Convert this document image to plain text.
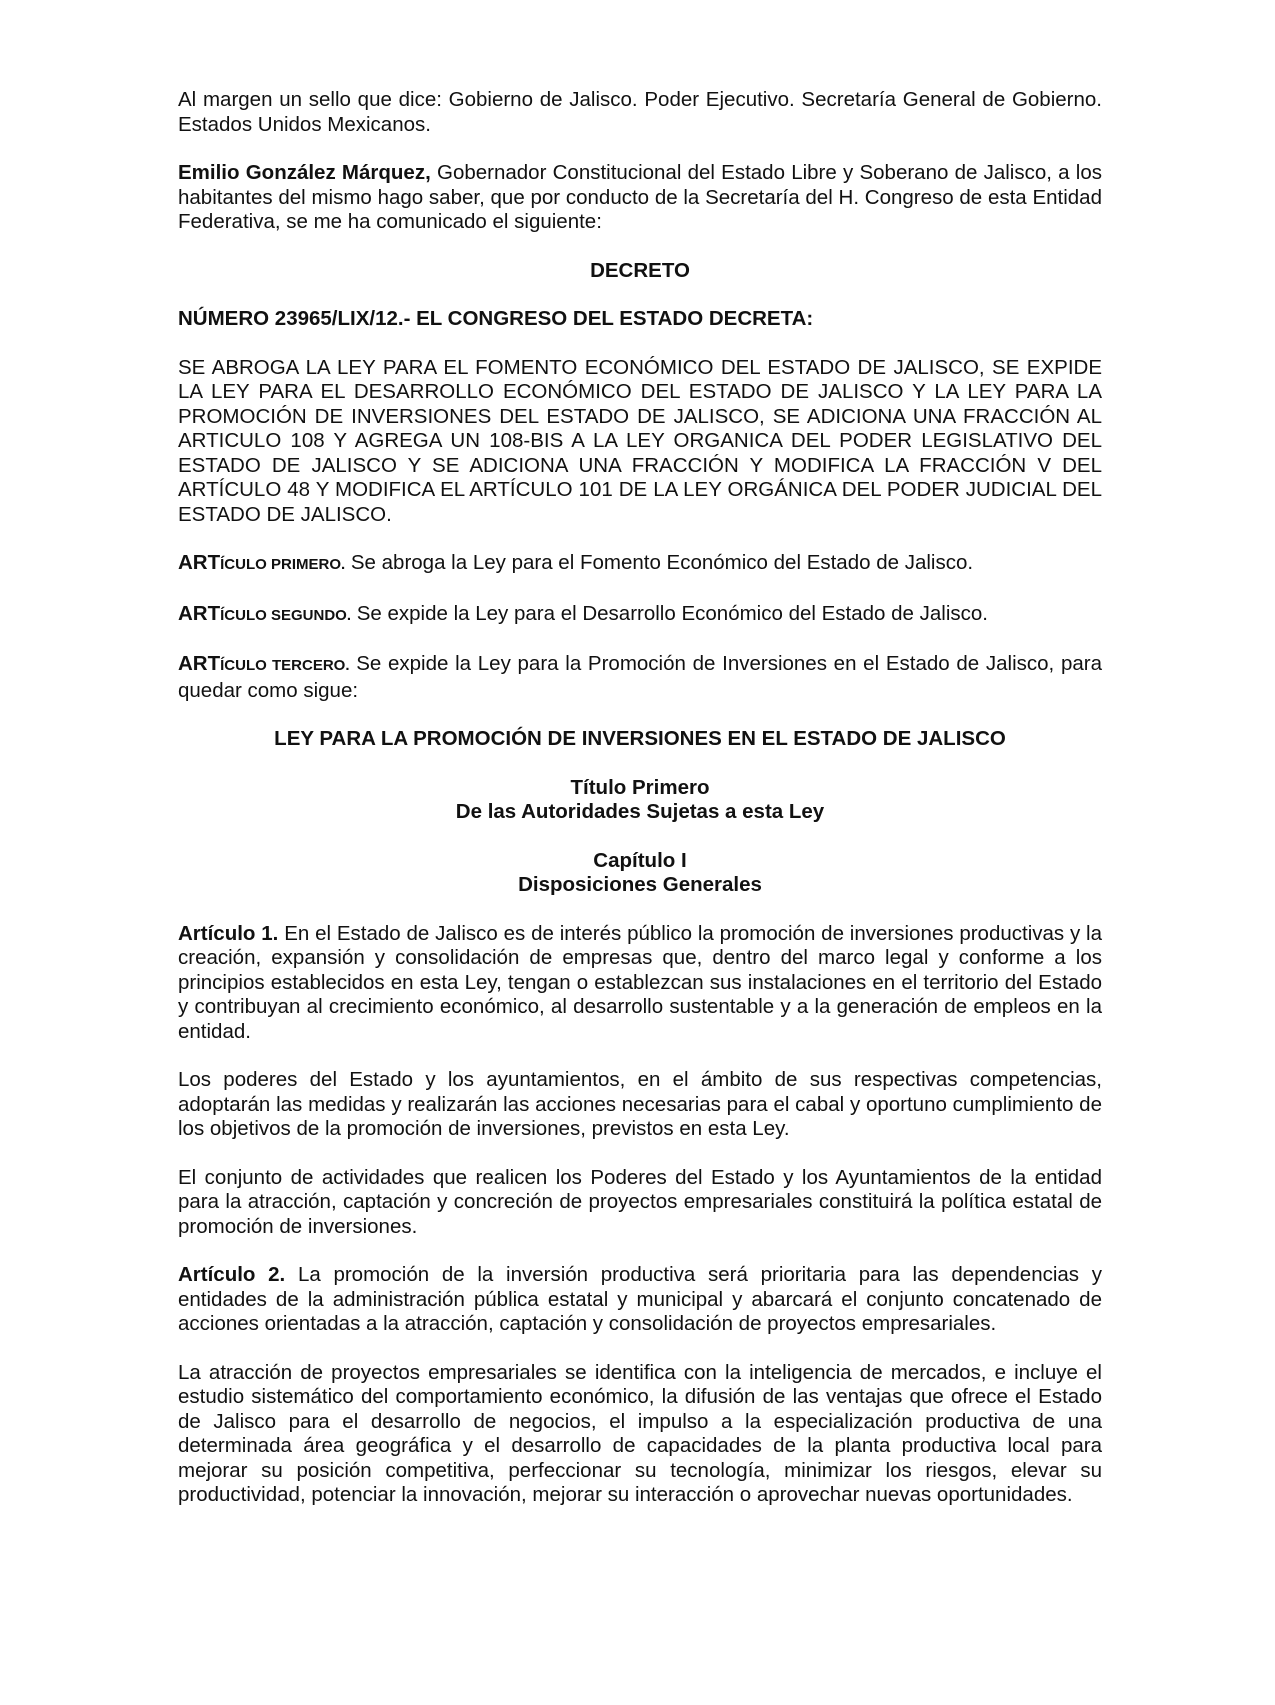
Al margen un sello que dice: Gobierno de Jalisco. Poder Ejecutivo. Secretaría General de Gobierno. Estados Unidos Mexicanos.

Emilio González Márquez, Gobernador Constitucional del Estado Libre y Soberano de Jalisco, a los habitantes del mismo hago saber, que por conducto de la Secretaría del H. Congreso de esta Entidad Federativa, se me ha comunicado el siguiente:

DECRETO

NÚMERO 23965/LIX/12.- EL CONGRESO DEL ESTADO DECRETA:

SE ABROGA LA LEY PARA EL FOMENTO ECONÓMICO DEL ESTADO DE JALISCO, SE EXPIDE LA LEY PARA EL DESARROLLO ECONÓMICO DEL ESTADO DE JALISCO Y LA LEY PARA LA PROMOCIÓN DE INVERSIONES DEL ESTADO DE JALISCO, SE ADICIONA UNA FRACCIÓN AL ARTICULO 108 Y AGREGA UN 108-BIS A LA LEY ORGANICA DEL PODER LEGISLATIVO DEL ESTADO DE JALISCO Y SE ADICIONA UNA FRACCIÓN Y MODIFICA LA FRACCIÓN V DEL ARTÍCULO 48 Y MODIFICA EL ARTÍCULO 101 DE LA LEY ORGÁNICA DEL PODER JUDICIAL DEL ESTADO DE JALISCO.

ARTÍCULO PRIMERO. Se abroga la Ley para el Fomento Económico del Estado de Jalisco.

ARTÍCULO SEGUNDO. Se expide la Ley para el Desarrollo Económico del Estado de Jalisco.

ARTÍCULO TERCERO. Se expide la Ley para la Promoción de Inversiones en el Estado de Jalisco, para quedar como sigue:

LEY PARA LA PROMOCIÓN DE INVERSIONES EN EL ESTADO DE JALISCO

Título Primero
De las Autoridades Sujetas a esta Ley
Capítulo I
Disposiciones Generales

Artículo 1. En el Estado de Jalisco es de interés público la promoción de inversiones productivas y la creación, expansión y consolidación de empresas que, dentro del marco legal y conforme a los principios establecidos en esta Ley, tengan o establezcan sus instalaciones en el territorio del Estado y contribuyan al crecimiento económico, al desarrollo sustentable y a la generación de empleos en la entidad.

Los poderes del Estado y los ayuntamientos, en el ámbito de sus respectivas competencias, adoptarán las medidas y realizarán las acciones necesarias para el cabal y oportuno cumplimiento de los objetivos de la promoción de inversiones, previstos en esta Ley.

El conjunto de actividades que realicen los Poderes del Estado y los Ayuntamientos de la entidad para la atracción, captación y concreción de proyectos empresariales constituirá la política estatal de promoción de inversiones.

Artículo 2. La promoción de la inversión productiva será prioritaria para las dependencias y entidades de la administración pública estatal y municipal y abarcará el conjunto concatenado de acciones orientadas a la atracción, captación y consolidación de proyectos empresariales.

La atracción de proyectos empresariales se identifica con la inteligencia de mercados, e incluye el estudio sistemático del comportamiento económico, la difusión de las ventajas que ofrece el Estado de Jalisco para el desarrollo de negocios, el impulso a la especialización productiva de una determinada área geográfica y el desarrollo de capacidades de la planta productiva local para mejorar su posición competitiva, perfeccionar su tecnología, minimizar los riesgos, elevar su productividad, potenciar la innovación, mejorar su interacción o aprovechar nuevas oportunidades.
